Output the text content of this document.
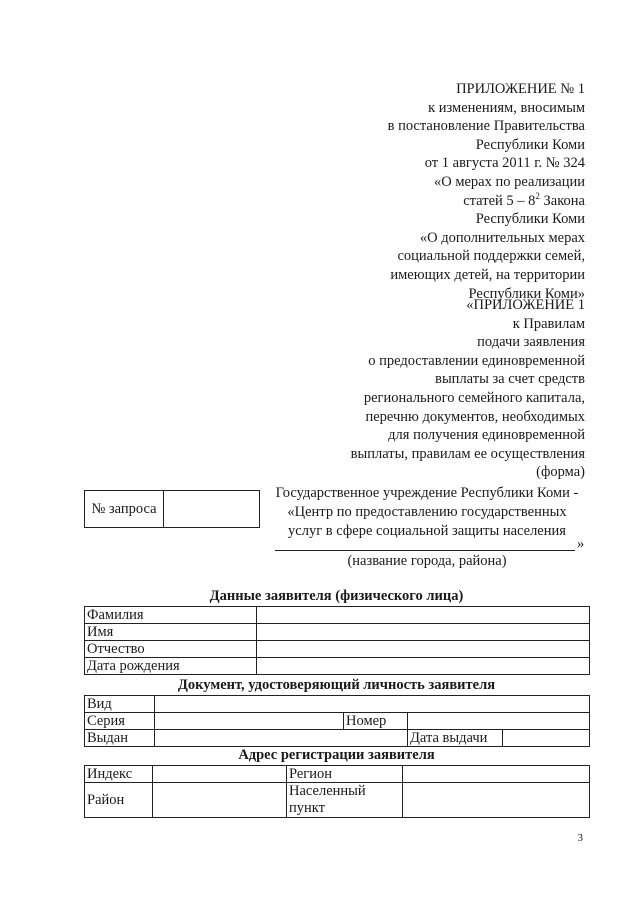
ПРИЛОЖЕНИЕ № 1
к изменениям, вносимым
в постановление Правительства
Республики Коми
от 1 августа 2011 г. № 324
«О мерах по реализации
статей $5 - 8^2$ Закона
Республики Коми
«О дополнительных мерах
социальной поддержки семей,
имеющих детей, на территории
Республики Коми»
«ПРИЛОЖЕНИЕ 1
к Правилам
подачи заявления
о предоставлении единовременной
выплаты за счет средств
регионального семейного капитала,
перечню документов, необходимых
для получения единовременной
выплаты, правилам ее осуществления
(форма)
№ запроса
Государственное учреждение Республики Коми -
«Центр по предоставлению государственных
услуг в сфере социальной защиты населения
»
(название города, района)
Данные заявителя (физического лица)
Фамилия	
Имя	
Отчество	
Дата рождения	
Документ, удостоверяющий личность заявителя
Вид				
Серия		Номер		
Выдан			Дата выдачи	
Адрес регистрации заявителя
Индекс		Регион	
Район		Населенный пункт	
3
